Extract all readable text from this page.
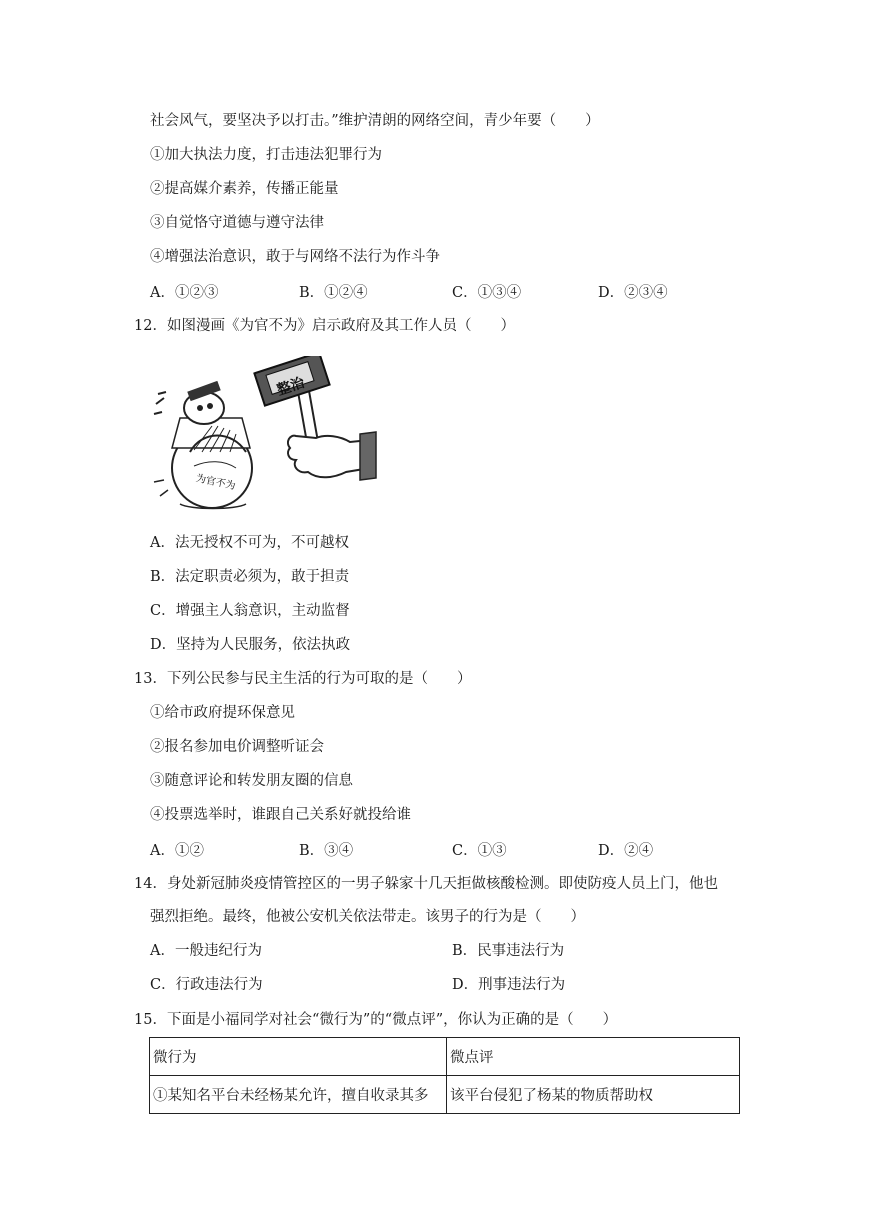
社会风气，要坚决予以打击。”维护清朗的网络空间，青少年要（　　）
①加大执法力度，打击违法犯罪行为
②提高媒介素养，传播正能量
③自觉恪守道德与遵守法律
④增强法治意识，敢于与网络不法行为作斗争
A．①②③	B．①②④	C．①③④	D．②③④
12．如图漫画《为官不为》启示政府及其工作人员（　　）
整治
为官不为
A．法无授权不可为，不可越权
B．法定职责必须为，敢于担责
C．增强主人翁意识，主动监督
D．坚持为人民服务，依法执政
13．下列公民参与民主生活的行为可取的是（　　）
①给市政府提环保意见
②报名参加电价调整听证会
③随意评论和转发朋友圈的信息
④投票选举时，谁跟自己关系好就投给谁
A．①②	B．③④	C．①③	D．②④
14．身处新冠肺炎疫情管控区的一男子躲家十几天拒做核酸检测。即使防疫人员上门，他也
强烈拒绝。最终，他被公安机关依法带走。该男子的行为是（　　）
A．一般违纪行为	B．民事违法行为
C．行政违法行为	D．刑事违法行为
15．下面是小福同学对社会“微行为”的“微点评”，你认为正确的是（　　）
微行为	微点评
①某知名平台未经杨某允许，擅自收录其多	该平台侵犯了杨某的物质帮助权
